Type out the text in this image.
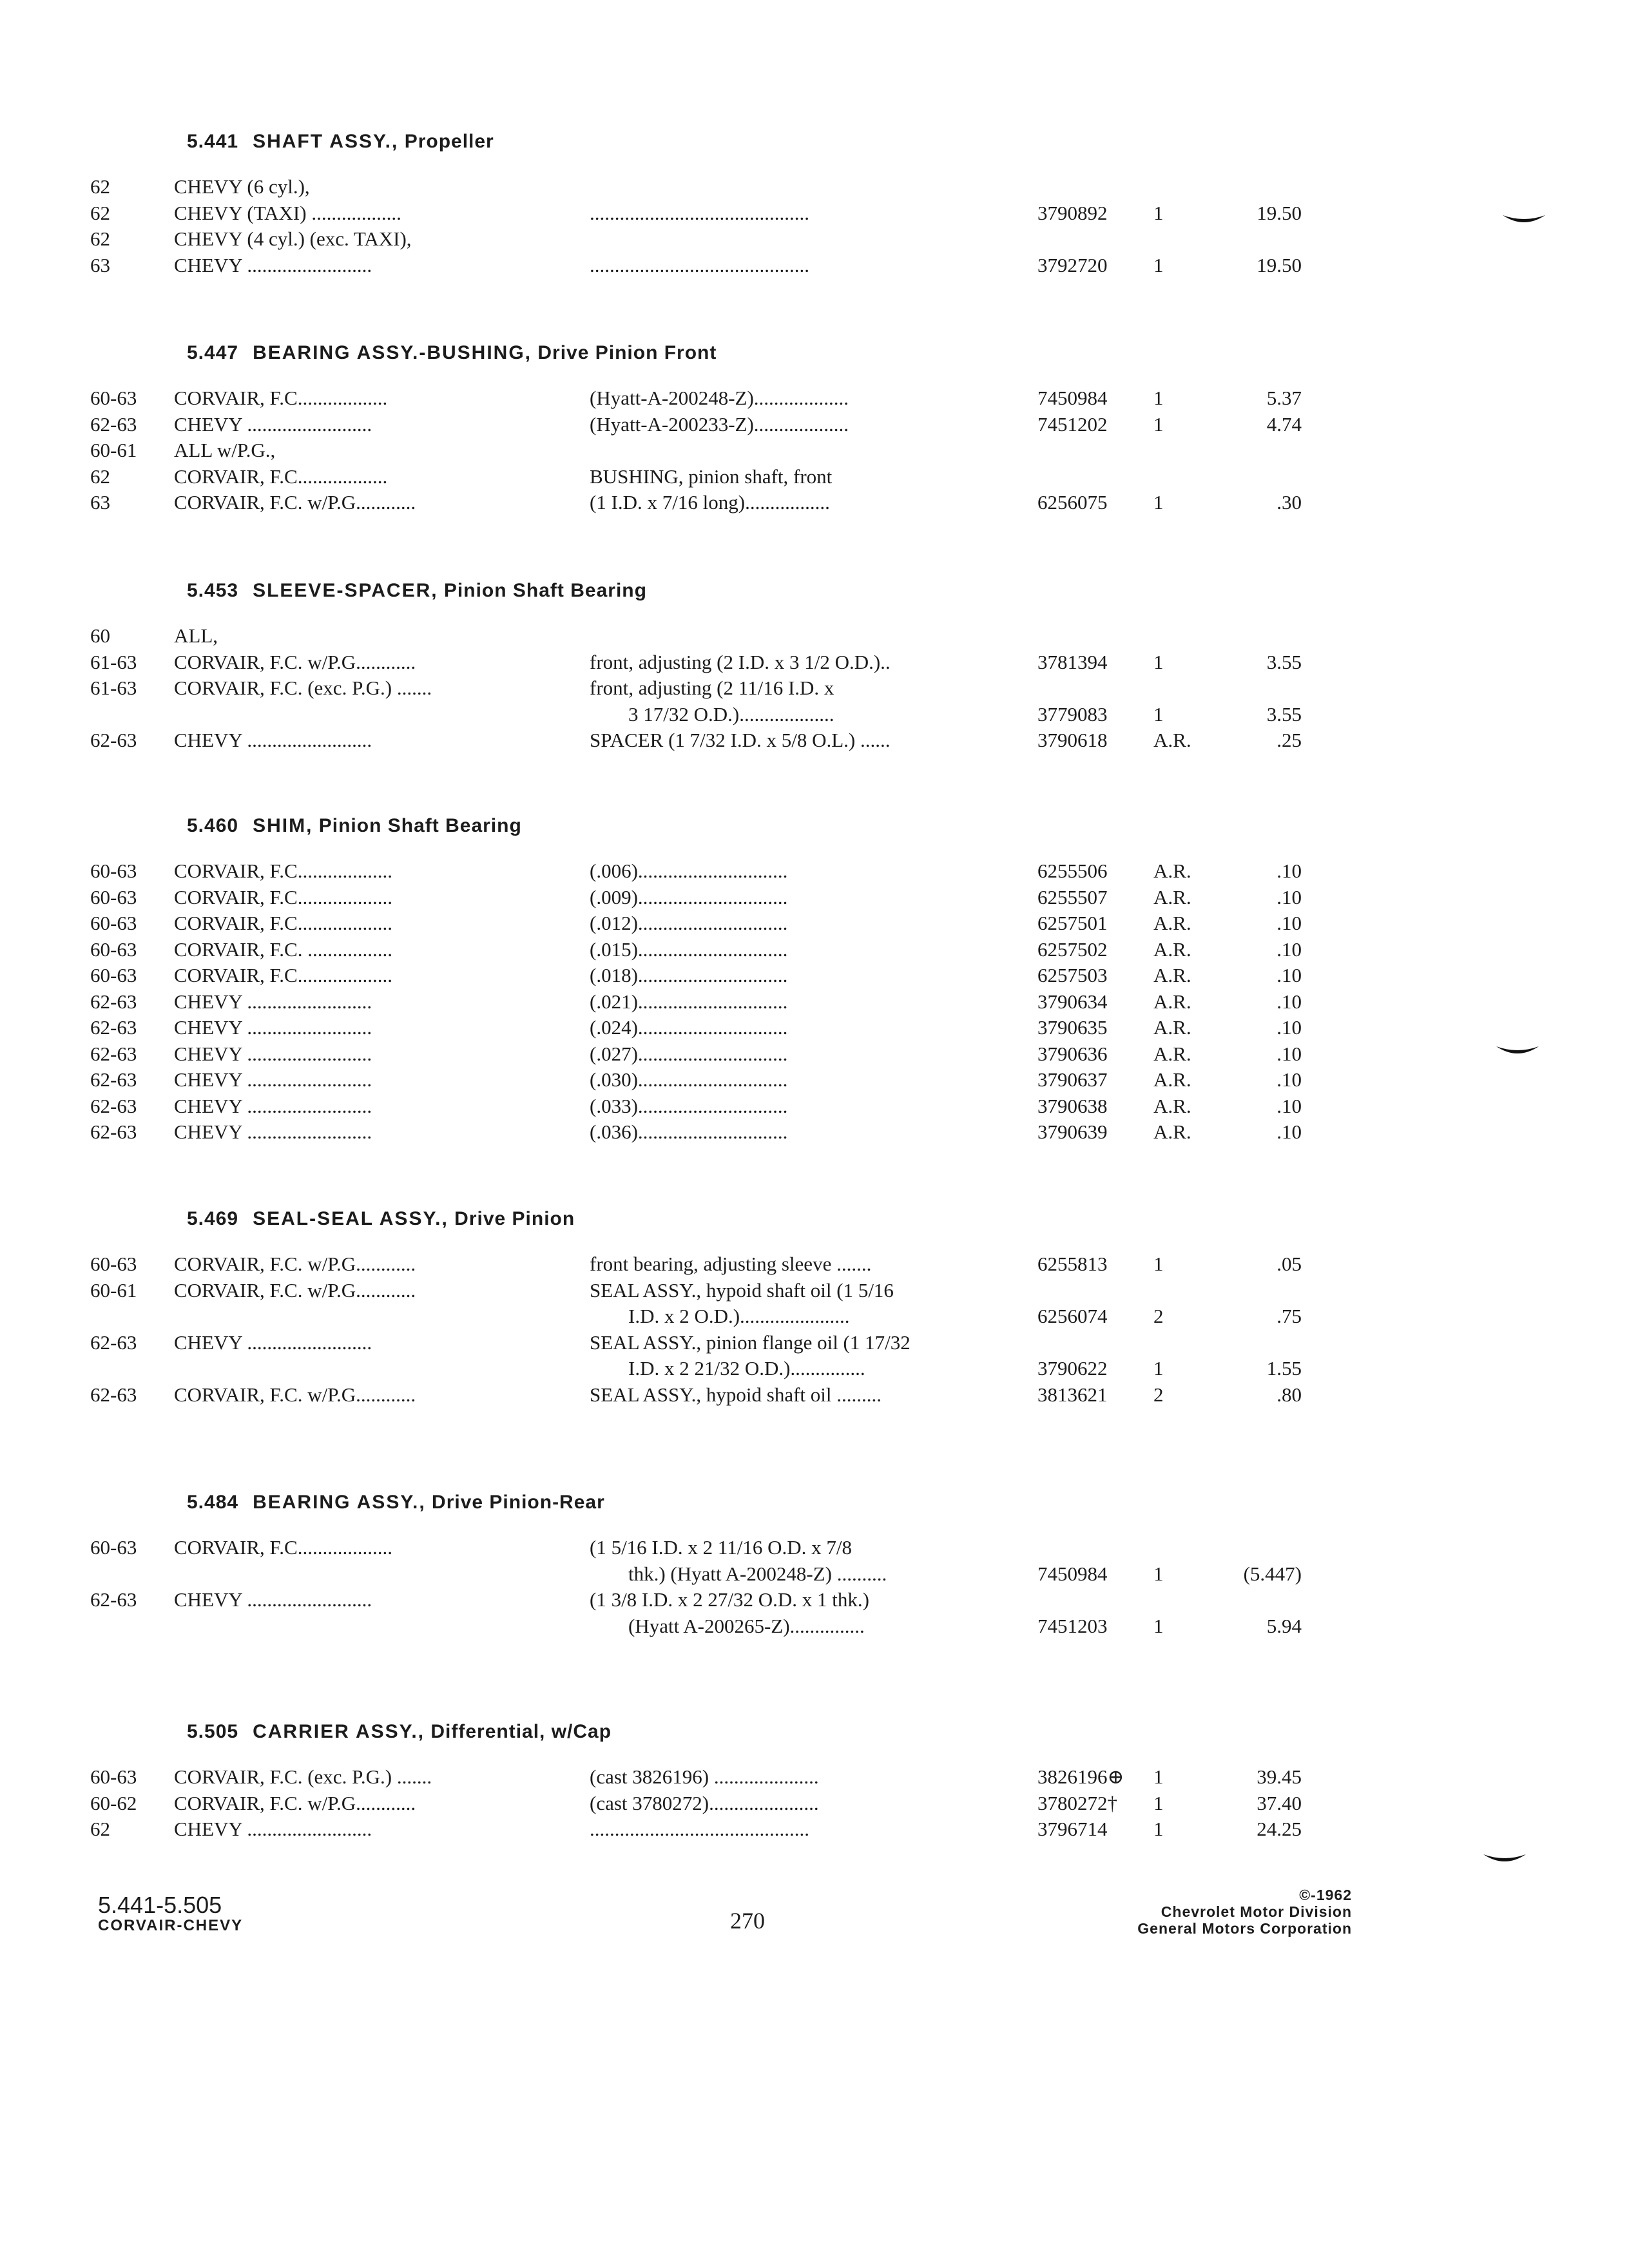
5.441 SHAFT ASSY., Propeller
62	CHEVY (6 cyl.),
62	CHEVY (TAXI) ..................	............................................	3790892	1	19.50
62	CHEVY (4 cyl.) (exc. TAXI),
63	CHEVY .........................	............................................	3792720	1	19.50
5.447 BEARING ASSY.-BUSHING, Drive Pinion Front
60-63	CORVAIR, F.C..................	(Hyatt-A-200248-Z)...................	7450984	1	5.37
62-63	CHEVY .........................	(Hyatt-A-200233-Z)...................	7451202	1	4.74
60-61	ALL w/P.G.,
62	CORVAIR, F.C..................	BUSHING, pinion shaft, front
63	CORVAIR, F.C. w/P.G............	(1 I.D. x 7/16 long).................	6256075	1	.30
5.453 SLEEVE-SPACER, Pinion Shaft Bearing
60	ALL,
61-63	CORVAIR, F.C. w/P.G............	front, adjusting (2 I.D. x 3 1/2 O.D.)..	3781394	1	3.55
61-63	CORVAIR, F.C. (exc. P.G.) .......	front, adjusting (2 11/16 I.D. x
3 17/32 O.D.)...................	3779083	1	3.55
62-63	CHEVY .........................	SPACER (1 7/32 I.D. x 5/8 O.L.) ......	3790618	A.R.	.25
5.460 SHIM, Pinion Shaft Bearing
60-63	CORVAIR, F.C...................	(.006)..............................	6255506	A.R.	.10
60-63	CORVAIR, F.C...................	(.009)..............................	6255507	A.R.	.10
60-63	CORVAIR, F.C...................	(.012)..............................	6257501	A.R.	.10
60-63	CORVAIR, F.C. .................	(.015)..............................	6257502	A.R.	.10
60-63	CORVAIR, F.C...................	(.018)..............................	6257503	A.R.	.10
62-63	CHEVY .........................	(.021)..............................	3790634	A.R.	.10
62-63	CHEVY .........................	(.024)..............................	3790635	A.R.	.10
62-63	CHEVY .........................	(.027)..............................	3790636	A.R.	.10
62-63	CHEVY .........................	(.030)..............................	3790637	A.R.	.10
62-63	CHEVY .........................	(.033)..............................	3790638	A.R.	.10
62-63	CHEVY .........................	(.036)..............................	3790639	A.R.	.10
5.469 SEAL-SEAL ASSY., Drive Pinion
60-63	CORVAIR, F.C. w/P.G............	front bearing, adjusting sleeve .......	6255813	1	.05
60-61	CORVAIR, F.C. w/P.G............	SEAL ASSY., hypoid shaft oil (1 5/16
I.D. x 2 O.D.)......................	6256074	2	.75
62-63	CHEVY .........................	SEAL ASSY., pinion flange oil (1 17/32
I.D. x 2 21/32 O.D.)...............	3790622	1	1.55
62-63	CORVAIR, F.C. w/P.G............	SEAL ASSY., hypoid shaft oil .........	3813621	2	.80
5.484 BEARING ASSY., Drive Pinion-Rear
60-63	CORVAIR, F.C...................	(1 5/16 I.D. x 2 11/16 O.D. x 7/8
thk.) (Hyatt A-200248-Z) ..........	7450984	1	(5.447)
62-63	CHEVY .........................	(1 3/8 I.D. x 2 27/32 O.D. x 1 thk.)
(Hyatt A-200265-Z)...............	7451203	1	5.94
5.505 CARRIER ASSY., Differential, w/Cap
60-63	CORVAIR, F.C. (exc. P.G.) .......	(cast 3826196) .....................	3826196⊕	1	39.45
60-62	CORVAIR, F.C. w/P.G............	(cast 3780272)......................	3780272†	1	37.40
62	CHEVY .........................	............................................	3796714	1	24.25
5.441-5.505
CORVAIR-CHEVY	270
©-1962
Chevrolet Motor Division
General Motors Corporation
